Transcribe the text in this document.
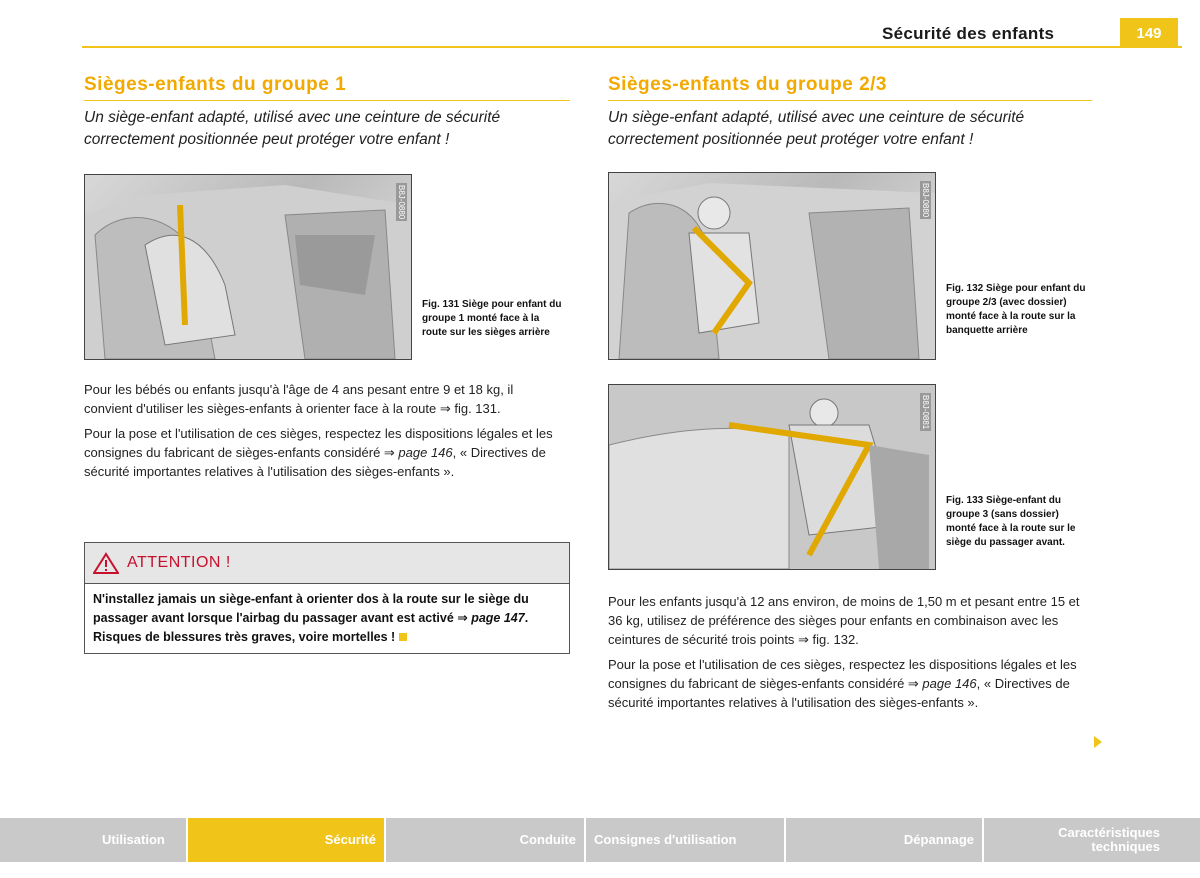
Sécurité des enfants	149
Sièges-enfants du groupe 1
Un siège-enfant adapté, utilisé avec une ceinture de sécurité correctement positionnée peut protéger votre enfant !
B8J-0880
Fig. 131 Siège pour enfant du groupe 1 monté face à la route sur les sièges arrière

Pour les bébés ou enfants jusqu'à l'âge de 4 ans pesant entre 9 et 18 kg, il convient d'utiliser les sièges-enfants à orienter face à la route ⇒ fig. 131.

Pour la pose et l'utilisation de ces sièges, respectez les dispositions légales et les consignes du fabricant de sièges-enfants considéré ⇒ page 146, « Directives de sécurité importantes relatives à l'utilisation des sièges-enfants ».

ATTENTION !
N'installez jamais un siège-enfant à orienter dos à la route sur le siège du passager avant lorsque l'airbag du passager avant est activé ⇒ page 147. Risques de blessures très graves, voire mortelles !
Sièges-enfants du groupe 2/3
Un siège-enfant adapté, utilisé avec une ceinture de sécurité correctement positionnée peut protéger votre enfant !
B8J-0880
Fig. 132 Siège pour enfant du groupe 2/3 (avec dossier) monté face à la route sur la banquette arrière
B8J-0881
Fig. 133 Siège-enfant du groupe 3 (sans dossier) monté face à la route sur le siège du passager avant.

Pour les enfants jusqu'à 12 ans environ, de moins de 1,50 m et pesant entre 15 et 36 kg, utilisez de préférence des sièges pour enfants en combinaison avec les ceintures de sécurité trois points ⇒ fig. 132.

Pour la pose et l'utilisation de ces sièges, respectez les dispositions légales et les consignes du fabricant de sièges-enfants considéré ⇒ page 146, « Directives de sécurité importantes relatives à l'utilisation des sièges-enfants ».

Utilisation	Sécurité	Conduite	Consignes d'utilisation	Dépannage	Caractéristiques techniques
